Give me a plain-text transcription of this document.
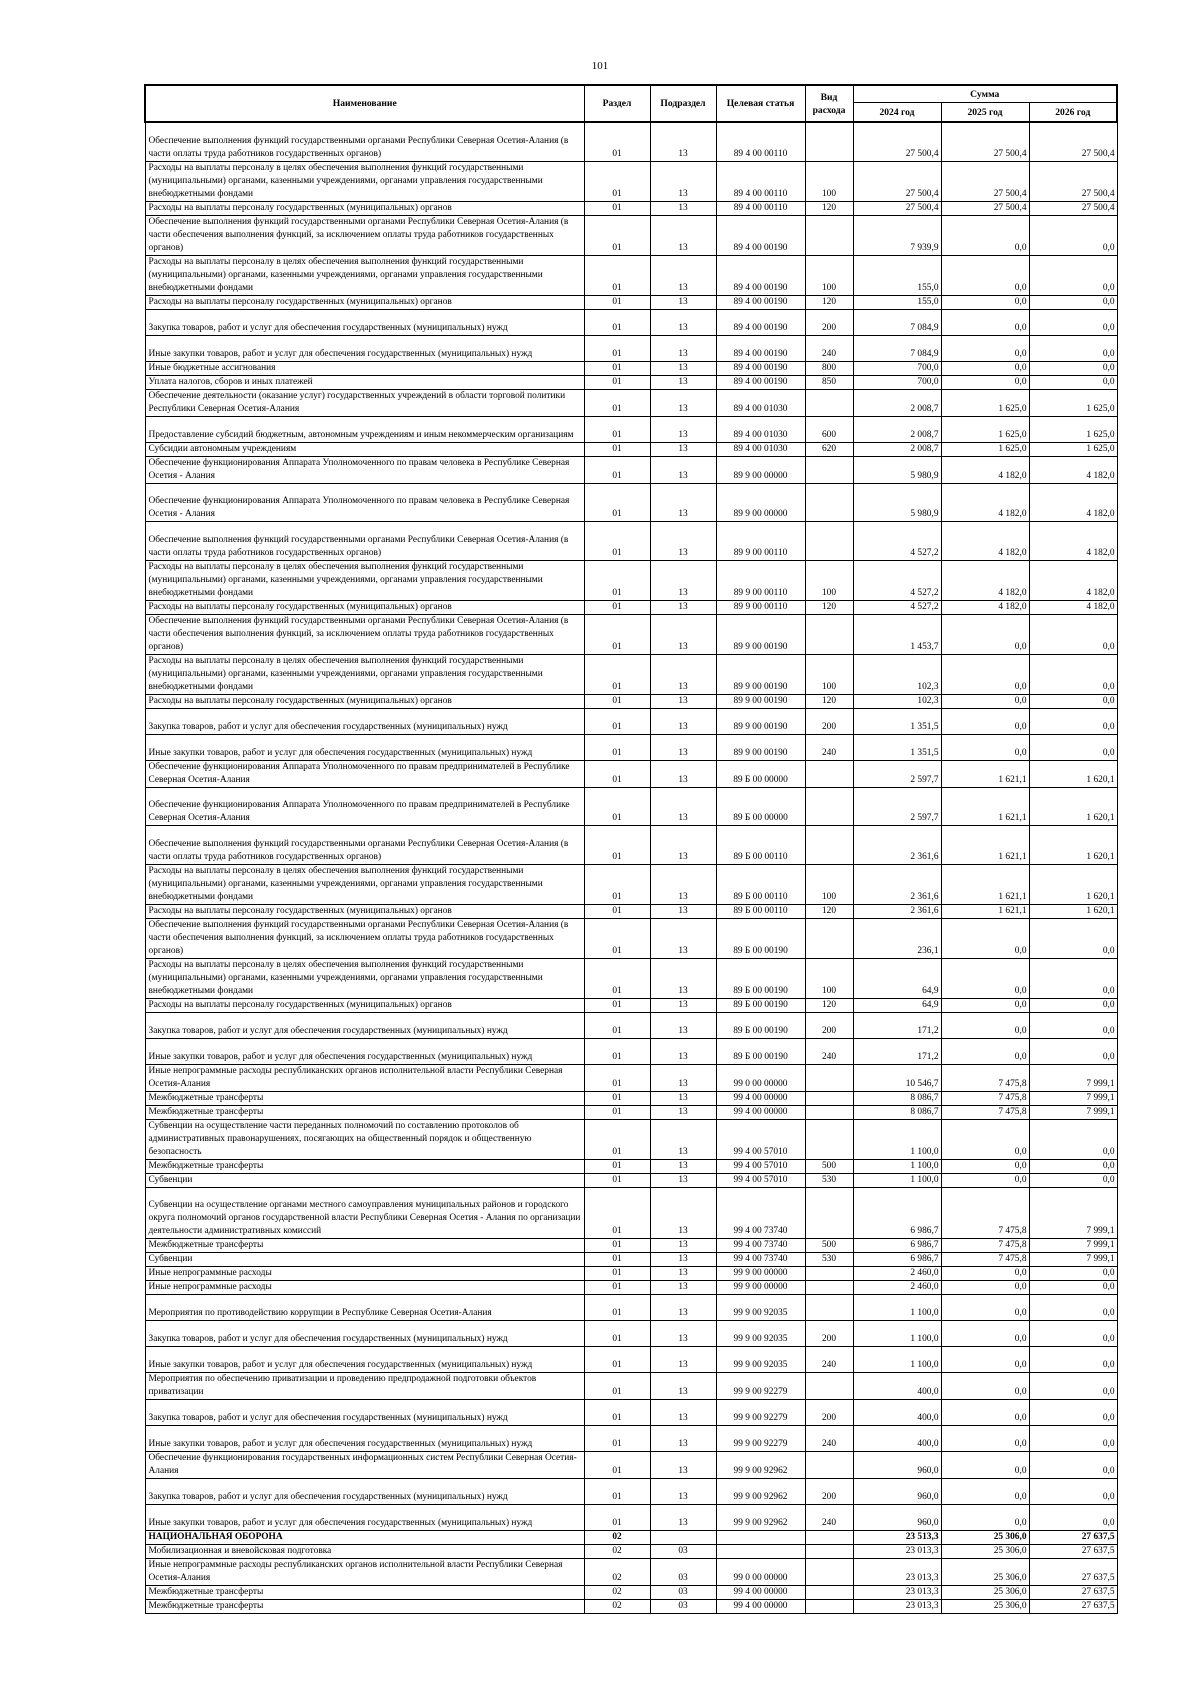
101
Наименование	Раздел	Подраздел	Целевая статья	Вид расхода	Сумма		
					2024 год	2025 год	2026 год
Обеспечение выполнения функций государственными органами Республики Северная Осетия-Алания (в части оплаты труда работников государственных органов)	01	13	89 4 00 00110		27 500,4	27 500,4	27 500,4
Расходы на выплаты персоналу в целях обеспечения выполнения функций государственными (муниципальными) органами, казенными учреждениями, органами управления государственными внебюджетными фондами	01	13	89 4 00 00110	100	27 500,4	27 500,4	27 500,4
Расходы на выплаты персоналу государственных (муниципальных) органов	01	13	89 4 00 00110	120	27 500,4	27 500,4	27 500,4
Обеспечение выполнения функций государственными органами Республики Северная Осетия-Алания (в части обеспечения выполнения функций, за исключением оплаты труда работников государственных органов)	01	13	89 4 00 00190		7 939,9	0,0	0,0
Расходы на выплаты персоналу в целях обеспечения выполнения функций государственными (муниципальными) органами, казенными учреждениями, органами управления государственными внебюджетными фондами	01	13	89 4 00 00190	100	155,0	0,0	0,0
Расходы на выплаты персоналу государственных (муниципальных) органов	01	13	89 4 00 00190	120	155,0	0,0	0,0
Закупка товаров, работ и услуг для обеспечения государственных (муниципальных) нужд	01	13	89 4 00 00190	200	7 084,9	0,0	0,0
Иные закупки товаров, работ и услуг для обеспечения государственных (муниципальных) нужд	01	13	89 4 00 00190	240	7 084,9	0,0	0,0
Иные бюджетные ассигнования	01	13	89 4 00 00190	800	700,0	0,0	0,0
Уплата налогов, сборов и иных платежей	01	13	89 4 00 00190	850	700,0	0,0	0,0
Обеспечение деятельности (оказание услуг) государственных учреждений в области торговой политики Республики Северная Осетия-Алания	01	13	89 4 00 01030		2 008,7	1 625,0	1 625,0
Предоставление субсидий бюджетным, автономным учреждениям и иным некоммерческим организациям	01	13	89 4 00 01030	600	2 008,7	1 625,0	1 625,0
Субсидии автономным учреждениям	01	13	89 4 00 01030	620	2 008,7	1 625,0	1 625,0
Обеспечение функционирования Аппарата Уполномоченного по правам человека в Республике Северная Осетия - Алания	01	13	89 9 00 00000		5 980,9	4 182,0	4 182,0
Обеспечение функционирования Аппарата Уполномоченного по правам человека в Республике Северная Осетия - Алания	01	13	89 9 00 00000		5 980,9	4 182,0	4 182,0
Обеспечение выполнения функций государственными органами Республики Северная Осетия-Алания (в части оплаты труда работников государственных органов)	01	13	89 9 00 00110		4 527,2	4 182,0	4 182,0
Расходы на выплаты персоналу в целях обеспечения выполнения функций государственными (муниципальными) органами, казенными учреждениями, органами управления государственными внебюджетными фондами	01	13	89 9 00 00110	100	4 527,2	4 182,0	4 182,0
Расходы на выплаты персоналу государственных (муниципальных) органов	01	13	89 9 00 00110	120	4 527,2	4 182,0	4 182,0
Обеспечение выполнения функций государственными органами Республики Северная Осетия-Алания (в части обеспечения выполнения функций, за исключением оплаты труда работников государственных органов)	01	13	89 9 00 00190		1 453,7	0,0	0,0
Расходы на выплаты персоналу в целях обеспечения выполнения функций государственными (муниципальными) органами, казенными учреждениями, органами управления государственными внебюджетными фондами	01	13	89 9 00 00190	100	102,3	0,0	0,0
Расходы на выплаты персоналу государственных (муниципальных) органов	01	13	89 9 00 00190	120	102,3	0,0	0,0
Закупка товаров, работ и услуг для обеспечения государственных (муниципальных) нужд	01	13	89 9 00 00190	200	1 351,5	0,0	0,0
Иные закупки товаров, работ и услуг для обеспечения государственных (муниципальных) нужд	01	13	89 9 00 00190	240	1 351,5	0,0	0,0
Обеспечение функционирования Аппарата Уполномоченного по правам предпринимателей в Республике Северная Осетия-Алания	01	13	89 Б 00 00000		2 597,7	1 621,1	1 620,1
Обеспечение функционирования Аппарата Уполномоченного по правам предпринимателей в Республике Северная Осетия-Алания	01	13	89 Б 00 00000		2 597,7	1 621,1	1 620,1
Обеспечение выполнения функций государственными органами Республики Северная Осетия-Алания (в части оплаты труда работников государственных органов)	01	13	89 Б 00 00110		2 361,6	1 621,1	1 620,1
Расходы на выплаты персоналу в целях обеспечения выполнения функций государственными (муниципальными) органами, казенными учреждениями, органами управления государственными внебюджетными фондами	01	13	89 Б 00 00110	100	2 361,6	1 621,1	1 620,1
Расходы на выплаты персоналу государственных (муниципальных) органов	01	13	89 Б 00 00110	120	2 361,6	1 621,1	1 620,1
Обеспечение выполнения функций государственными органами Республики Северная Осетия-Алания (в части обеспечения выполнения функций, за исключением оплаты труда работников государственных органов)	01	13	89 Б 00 00190		236,1	0,0	0,0
Расходы на выплаты персоналу в целях обеспечения выполнения функций государственными (муниципальными) органами, казенными учреждениями, органами управления государственными внебюджетными фондами	01	13	89 Б 00 00190	100	64,9	0,0	0,0
Расходы на выплаты персоналу государственных (муниципальных) органов	01	13	89 Б 00 00190	120	64,9	0,0	0,0
Закупка товаров, работ и услуг для обеспечения государственных (муниципальных) нужд	01	13	89 Б 00 00190	200	171,2	0,0	0,0
Иные закупки товаров, работ и услуг для обеспечения государственных (муниципальных) нужд	01	13	89 Б 00 00190	240	171,2	0,0	0,0
Иные непрограммные расходы республиканских органов исполнительной власти Республики Северная Осетия-Алания	01	13	99 0 00 00000		10 546,7	7 475,8	7 999,1
Межбюджетные трансферты	01	13	99 4 00 00000		8 086,7	7 475,8	7 999,1
Межбюджетные трансферты	01	13	99 4 00 00000		8 086,7	7 475,8	7 999,1
Субвенции на осуществление части переданных полномочий по составлению протоколов об административных правонарушениях, посягающих на общественный порядок и общественную безопасность	01	13	99 4 00 57010		1 100,0	0,0	0,0
Межбюджетные трансферты	01	13	99 4 00 57010	500	1 100,0	0,0	0,0
Субвенции	01	13	99 4 00 57010	530	1 100,0	0,0	0,0
Субвенции на осуществление органами местного самоуправления муниципальных районов и городского округа полномочий органов государственной власти Республики Северная Осетия - Алания по организации деятельности административных комиссий	01	13	99 4 00 73740		6 986,7	7 475,8	7 999,1
Межбюджетные трансферты	01	13	99 4 00 73740	500	6 986,7	7 475,8	7 999,1
Субвенции	01	13	99 4 00 73740	530	6 986,7	7 475,8	7 999,1
Иные непрограммные расходы	01	13	99 9 00 00000		2 460,0	0,0	0,0
Иные непрограммные расходы	01	13	99 9 00 00000		2 460,0	0,0	0,0
Мероприятия по противодействию коррупции в Республике Северная Осетия-Алания	01	13	99 9 00 92035		1 100,0	0,0	0,0
Закупка товаров, работ и услуг для обеспечения государственных (муниципальных) нужд	01	13	99 9 00 92035	200	1 100,0	0,0	0,0
Иные закупки товаров, работ и услуг для обеспечения государственных (муниципальных) нужд	01	13	99 9 00 92035	240	1 100,0	0,0	0,0
Мероприятия по обеспечению приватизации и проведению предпродажной подготовки объектов приватизации	01	13	99 9 00 92279		400,0	0,0	0,0
Закупка товаров, работ и услуг для обеспечения государственных (муниципальных) нужд	01	13	99 9 00 92279	200	400,0	0,0	0,0
Иные закупки товаров, работ и услуг для обеспечения государственных (муниципальных) нужд	01	13	99 9 00 92279	240	400,0	0,0	0,0
Обеспечение функционирования государственных информационных систем Республики Северная Осетия-Алания	01	13	99 9 00 92962		960,0	0,0	0,0
Закупка товаров, работ и услуг для обеспечения государственных (муниципальных) нужд	01	13	99 9 00 92962	200	960,0	0,0	0,0
Иные закупки товаров, работ и услуг для обеспечения государственных (муниципальных) нужд	01	13	99 9 00 92962	240	960,0	0,0	0,0
НАЦИОНАЛЬНАЯ ОБОРОНА	02				23 513,3	25 306,0	27 637,5
Мобилизационная и вневойсковая подготовка	02	03			23 013,3	25 306,0	27 637,5
Иные непрограммные расходы республиканских органов исполнительной власти Республики Северная Осетия-Алания	02	03	99 0 00 00000		23 013,3	25 306,0	27 637,5
Межбюджетные трансферты	02	03	99 4 00 00000		23 013,3	25 306,0	27 637,5
Межбюджетные трансферты	02	03	99 4 00 00000		23 013,3	25 306,0	27 637,5
